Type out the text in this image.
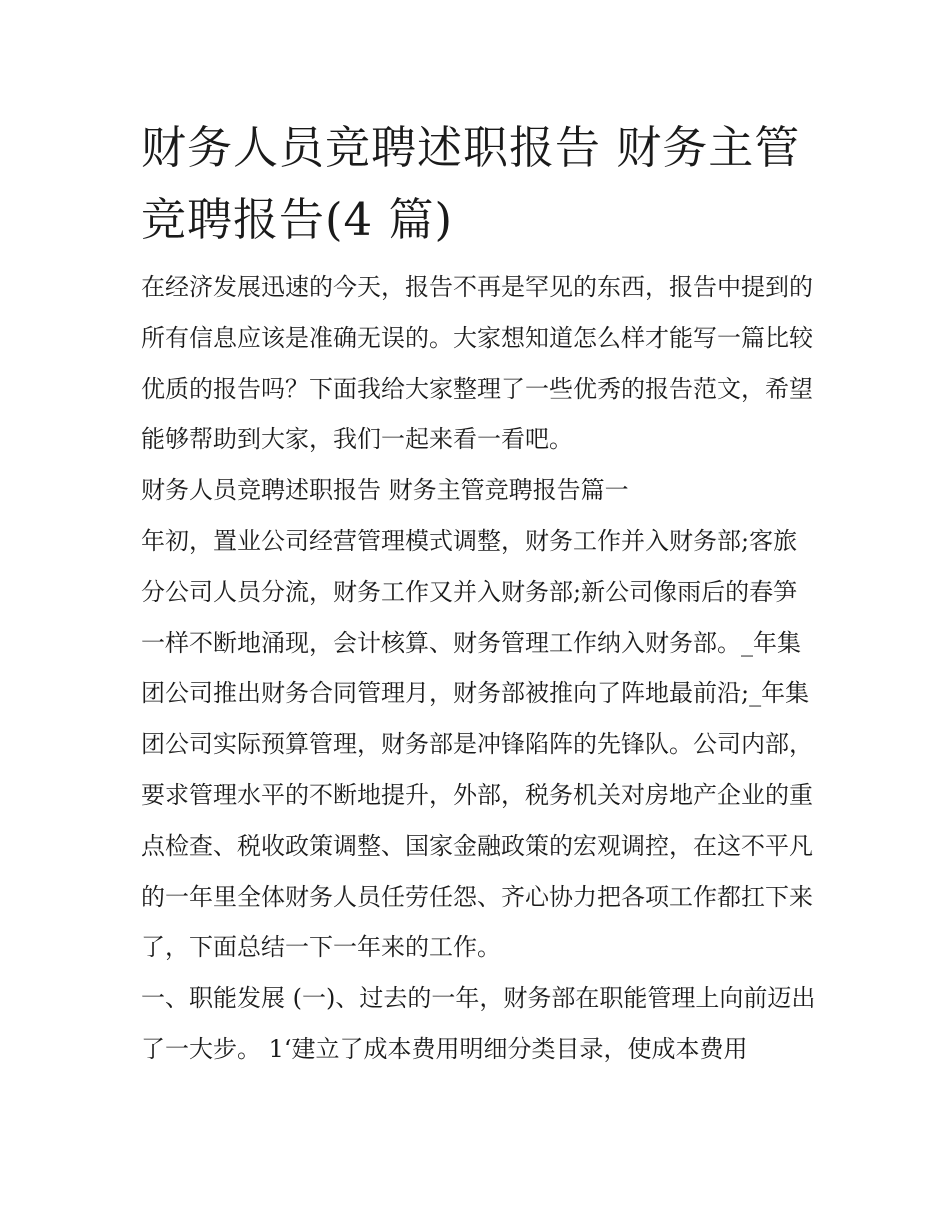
财务人员竞聘述职报告 财务主管竞聘报告(4 篇)

在经济发展迅速的今天，报告不再是罕见的东西，报告中提到的所有信息应该是准确无误的。大家想知道怎么样才能写一篇比较优质的报告吗？下面我给大家整理了一些优秀的报告范文，希望能够帮助到大家，我们一起来看一看吧。

财务人员竞聘述职报告 财务主管竞聘报告篇一

年初，置业公司经营管理模式调整，财务工作并入财务部;客旅分公司人员分流，财务工作又并入财务部;新公司像雨后的春笋一样不断地涌现，会计核算、财务管理工作纳入财务部。_年集团公司推出财务合同管理月，财务部被推向了阵地最前沿;_年集团公司实际预算管理，财务部是冲锋陷阵的先锋队。公司内部，要求管理水平的不断地提升，外部，税务机关对房地产企业的重点检查、税收政策调整、国家金融政策的宏观调控，在这不平凡的一年里全体财务人员任劳任怨、齐心协力把各项工作都扛下来了，下面总结一下一年来的工作。

一、职能发展 (一)、过去的一年，财务部在职能管理上向前迈出了一大步。 1‘建立了成本费用明细分类目录，使成本费用
